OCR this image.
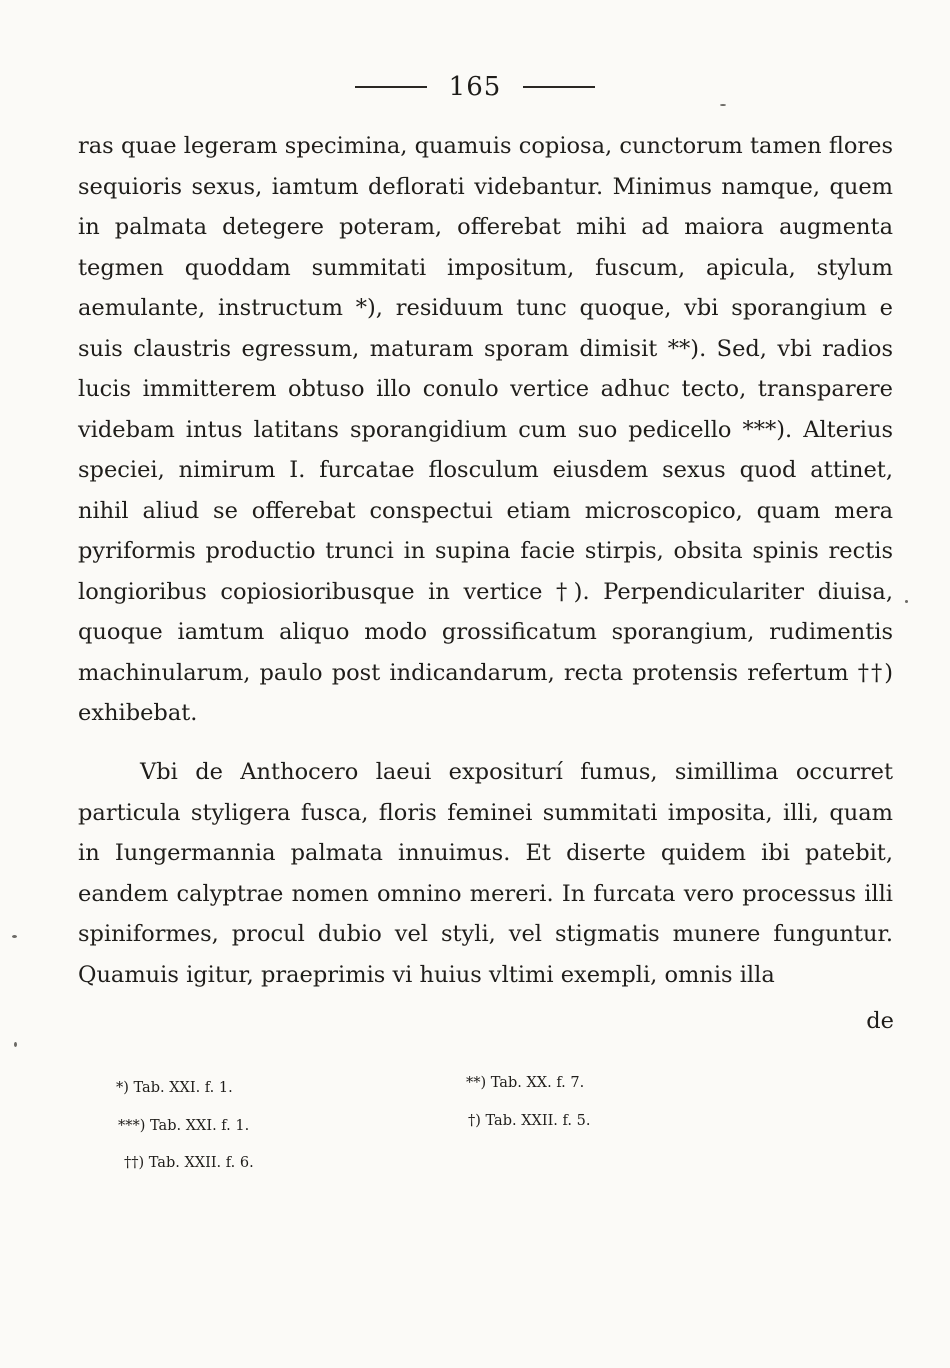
165

ras quae legeram specimina, quamuis copiosa, cunctorum tamen flores sequioris sexus, iamtum deflorati videbantur. Minimus namque, quem in palmata detegere poteram, offerebat mihi ad maiora augmenta tegmen quoddam summitati impositum, fuscum, apicula, stylum aemulante, instructum *), residuum tunc quoque, vbi sporangium e suis claustris egressum, maturam sporam dimisit **). Sed, vbi radios lucis immitterem obtuso illo conulo vertice adhuc tecto, transparere videbam intus latitans sporangidium cum suo pedicello ***). Alterius speciei, nimirum I. furcatae flosculum eiusdem sexus quod attinet, nihil aliud se offerebat conspectui etiam microscopico, quam mera pyriformis productio trunci in supina facie stirpis, obsita spinis rectis longioribus copiosioribusque in vertice †). Perpendiculariter diuisa, quoque iamtum aliquo modo grossificatum sporangium, rudimentis machinularum, paulo post indicandarum, recta protensis refertum ††) exhibebat.

Vbi de Anthocero laeui expositurí fumus, simillima occurret particula styligera fusca, floris feminei summitati imposita, illi, quam in Iungermannia palmata innuimus. Et diserte quidem ibi patebit, eandem calyptrae nomen omnino mereri. In furcata vero processus illi spiniformes, procul dubio vel styli, vel stigmatis munere funguntur. Quamuis igitur, praeprimis vi huius vltimi exempli, omnis illa

de
*) Tab. XXI. f. 1.
***) Tab. XXI. f. 1.
††) Tab. XXII. f. 6.
**) Tab. XX. f. 7.
†) Tab. XXII. f. 5.
